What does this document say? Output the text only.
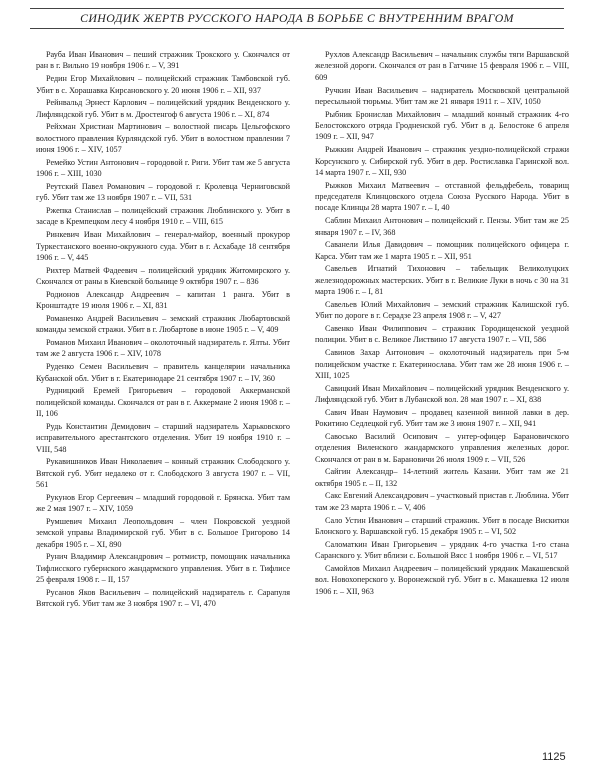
СИНОДИК ЖЕРТВ РУССКОГО НАРОДА В БОРЬБЕ С ВНУТРЕННИМ ВРАГОМ

Рауба Иван Иванович – пеший стражник Трокского у. Скончался от ран в г. Вильно 19 ноября 1906 г. – V, 391

Редин Егор Михайлович – полицейский стражник Тамбовской губ. Убит в с. Хорашавка Кирсановского у. 20 июня 1906 г. – XII, 937

Рейнвальд Эрнест Карлович – полицейский урядник Венденского у. Лифляндской губ. Убит в м. Дростенгоф 6 августа 1906 г. – XI, 874

Рейхман Христиан Мартинович – волостной писарь Цельгофского волостного правления Курляндской губ. Убит в волостном правлении 7 июня 1906 г. – XIV, 1057

Ремейко Устин Антонович – городовой г. Риги. Убит там же 5 августа 1906 г. – XIII, 1030

Реутский Павел Романович – городовой г. Кролевца Черниговской губ. Убит там же 13 ноября 1907 г. – VII, 531

Ржепка Станислав – полицейский стражник Люблинского у. Убит в засаде в Кремпецком лесу 4 ноября 1910 г. – VIII, 615

Ринкевич Иван Михайлович – генерал-майор, военный прокурор Туркестанского военно-окружного суда. Убит в г. Асхабаде 18 сентября 1906 г. – V, 445

Рихтер Матвей Фадеевич – полицейский урядник Житомирского у. Скончался от раны в Киевской больнице 9 октября 1907 г. – 836

Родионов Александр Андреевич – капитан 1 ранга. Убит в Кронштадте 19 июля 1906 г. – XI, 831

Романенко Андрей Васильевич – земский стражник Любартовской команды земской стражи. Убит в г. Любартове в июне 1905 г. – V, 409

Романов Михаил Иванович – околоточный надзиратель г. Ялты. Убит там же 2 августа 1906 г. – XIV, 1078

Руденко Семен Васильевич – правитель канцелярии начальника Кубанской обл. Убит в г. Екатеринодаре 21 сентября 1907 г. – IV, 360

Рудницкий Еремей Григорьевич – городовой Аккерманской полицейской команды. Скончался от ран в г. Аккермане 2 июня 1908 г. – II, 106

Рудь Константин Демидович – старший надзиратель Харьковского исправительного арестантского отделения. Убит 19 ноября 1910 г. – VIII, 548

Рукавишников Иван Николаевич – конный стражник Слободского у. Вятской губ. Убит недалеко от г. Слободского 3 августа 1907 г. – VII, 561

Рукунов Егор Сергеевич – младший городовой г. Брянска. Убит там же 2 мая 1907 г. – XIV, 1059

Румшевич Михаил Леопольдович – член Покровской уездной земской управы Владимирской губ. Убит в с. Большое Григорово 14 декабря 1905 г. – XI, 890

Рунич Владимир Александрович – ротмистр, помощник начальника Тифлисского губернского жандармского управления. Убит в г. Тифлисе 25 февраля 1908 г. – II, 157

Русанов Яков Васильевич – полицейский надзиратель г. Сарапуля Вятской губ. Убит там же 3 ноября 1907 г. – VI, 470

Рухлов Александр Васильевич – начальник службы тяги Варшавской железной дороги. Скончался от ран в Гатчине 15 февраля 1906 г. – VIII, 609

Ручкин Иван Васильевич – надзиратель Московской центральной пересыльной тюрьмы. Убит там же 21 января 1911 г. – XIV, 1050

Рыбник Бронислав Михайлович – младший конный стражник 4-го Белостокского отряда Гродненской губ. Убит в д. Белостоке 6 апреля 1909 г. – XII, 947

Рыжкин Андрей Иванович – стражник уездно-полицейской стражи Корсунского у. Сибирской губ. Убит в дер. Ростиславка Гаринской вол. 14 марта 1907 г. – XII, 930

Рыжков Михаил Матвеевич – отставной фельдфебель, товарищ председателя Клинцовского отдела Союза Русского Народа. Убит в посаде Клинцы 28 марта 1907 г. – I, 40

Саблин Михаил Антонович – полицейский г. Пензы. Убит там же 25 января 1907 г. – IV, 368

Саванели Илья Давидович – помощник полицейского офицера г. Карса. Убит там же 1 марта 1905 г. – XII, 951

Савельев Игнатий Тихонович – табельщик Великолуцких железнодорожных мастерских. Убит в г. Великие Луки в ночь с 30 на 31 марта 1906 г. – I, 81

Савельев Юлий Михайлович – земский стражник Калишской губ. Убит по дороге в г. Серадзе 23 апреля 1908 г. – V, 427

Савенко Иван Филиппович – стражник Городищенской уездной полиции. Убит в с. Великое Листвино 17 августа 1907 г. – VII, 586

Савинов Захар Антонович – околоточный надзиратель при 5-м полицейском участке г. Екатеринослава. Убит там же 28 июня 1906 г. – XIII, 1025

Савицкий Иван Михайлович – полицейский урядник Венденского у. Лифляндской губ. Убит в Лубанской вол. 28 мая 1907 г. – XI, 838

Савич Иван Наумович – продавец казенной винной лавки в дер. Рокитино Седлецкой губ. Убит там же 3 июня 1907 г. – XII, 941

Савосько Василий Осипович – унтер-офицер Барановичского отделения Виленского жандармского управления железных дорог. Скончался от ран в м. Барановичи 26 июля 1909 г. – VII, 526

Сайгин Александр– 14-летний житель Казани. Убит там же 21 октября 1905 г. – II, 132

Сакс Евгений Александрович – участковый пристав г. Люблина. Убит там же 23 марта 1906 г. – V, 406

Сало Устин Иванович – старший стражник. Убит в посаде Вискитки Блонского у. Варшавской губ. 15 декабря 1905 г. – VI, 502

Саломаткин Иван Григорьевич – урядник 4-го участка 1-го стана Саранского у. Убит вблизи с. Большой Вясс 1 ноября 1906 г. – VI, 517

Самойлов Михаил Андреевич – полицейский урядник Макашевской вол. Новохоперского у. Воронежской губ. Убит в с. Макашевка 12 июля 1906 г. – XII, 963

1125
